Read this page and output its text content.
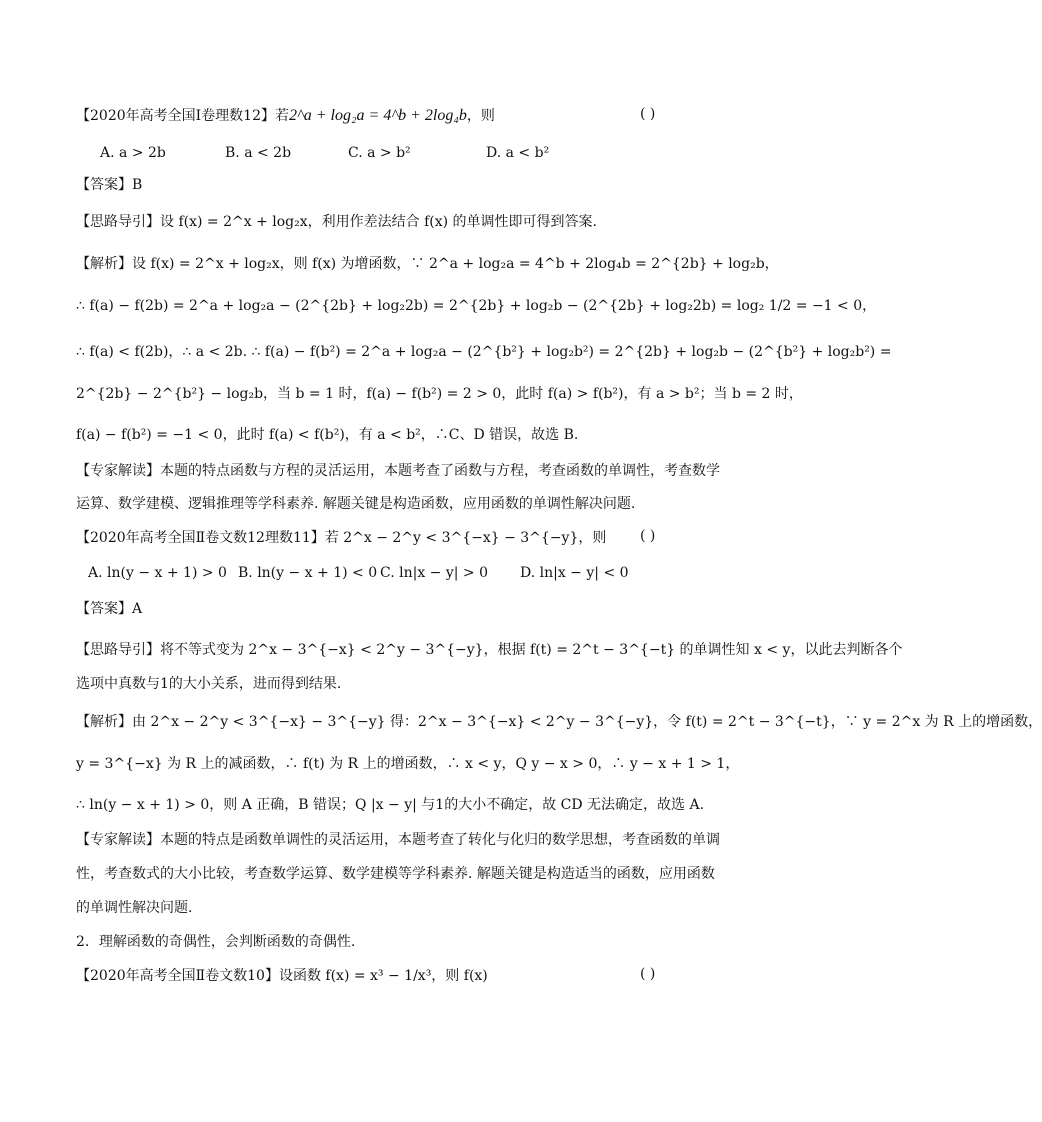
【2020年高考全国Ⅰ卷理数12】若2^a + log₂a = 4^b + 2log₄b，则	( )
A. a > 2b	B. a < 2b	C. a > b²	D. a < b²
【答案】B
【思路导引】设 f(x) = 2^x + log₂x，利用作差法结合 f(x) 的单调性即可得到答案.
【解析】设 f(x) = 2^x + log₂x，则 f(x) 为增函数，∵ 2^a + log₂a = 4^b + 2log₄b = 2^{2b} + log₂b，
∴ f(a) − f(2b) = 2^a + log₂a − (2^{2b} + log₂2b) = 2^{2b} + log₂b − (2^{2b} + log₂2b) = log₂ 1/2 = −1 < 0，
∴ f(a) < f(2b)，∴ a < 2b. ∴ f(a) − f(b²) = 2^a + log₂a − (2^{b²} + log₂b²) = 2^{2b} + log₂b − (2^{b²} + log₂b²) =
2^{2b} − 2^{b²} − log₂b，当 b = 1 时，f(a) − f(b²) = 2 > 0，此时 f(a) > f(b²)，有 a > b²；当 b = 2 时，
f(a) − f(b²) = −1 < 0，此时 f(a) < f(b²)，有 a < b²，∴C、D 错误，故选 B.
【专家解读】本题的特点函数与方程的灵活运用，本题考查了函数与方程，考查函数的单调性，考查数学
运算、数学建模、逻辑推理等学科素养. 解题关键是构造函数，应用函数的单调性解决问题.
【2020年高考全国Ⅱ卷文数12理数11】若 2^x − 2^y < 3^{−x} − 3^{−y}，则	( )
A. ln(y − x + 1) > 0 B. ln(y − x + 1) < 0 C. ln|x − y| > 0 D. ln|x − y| < 0
【答案】A
【思路导引】将不等式变为 2^x − 3^{−x} < 2^y − 3^{−y}，根据 f(t) = 2^t − 3^{−t} 的单调性知 x < y，以此去判断各个
选项中真数与1的大小关系，进而得到结果.
【解析】由 2^x − 2^y < 3^{−x} − 3^{−y} 得：2^x − 3^{−x} < 2^y − 3^{−y}，令 f(t) = 2^t − 3^{−t}，∵ y = 2^x 为 R 上的增函数，
y = 3^{−x} 为 R 上的减函数，∴ f(t) 为 R 上的增函数，∴ x < y，Q y − x > 0，∴ y − x + 1 > 1，
∴ ln(y − x + 1) > 0，则 A 正确，B 错误；Q |x − y| 与1的大小不确定，故 CD 无法确定，故选 A.
【专家解读】本题的特点是函数单调性的灵活运用，本题考查了转化与化归的数学思想，考查函数的单调
性，考查数式的大小比较，考查数学运算、数学建模等学科素养. 解题关键是构造适当的函数，应用函数
的单调性解决问题.
2．理解函数的奇偶性，会判断函数的奇偶性.
【2020年高考全国Ⅱ卷文数10】设函数 f(x) = x³ − 1/x³，则 f(x)	( )
